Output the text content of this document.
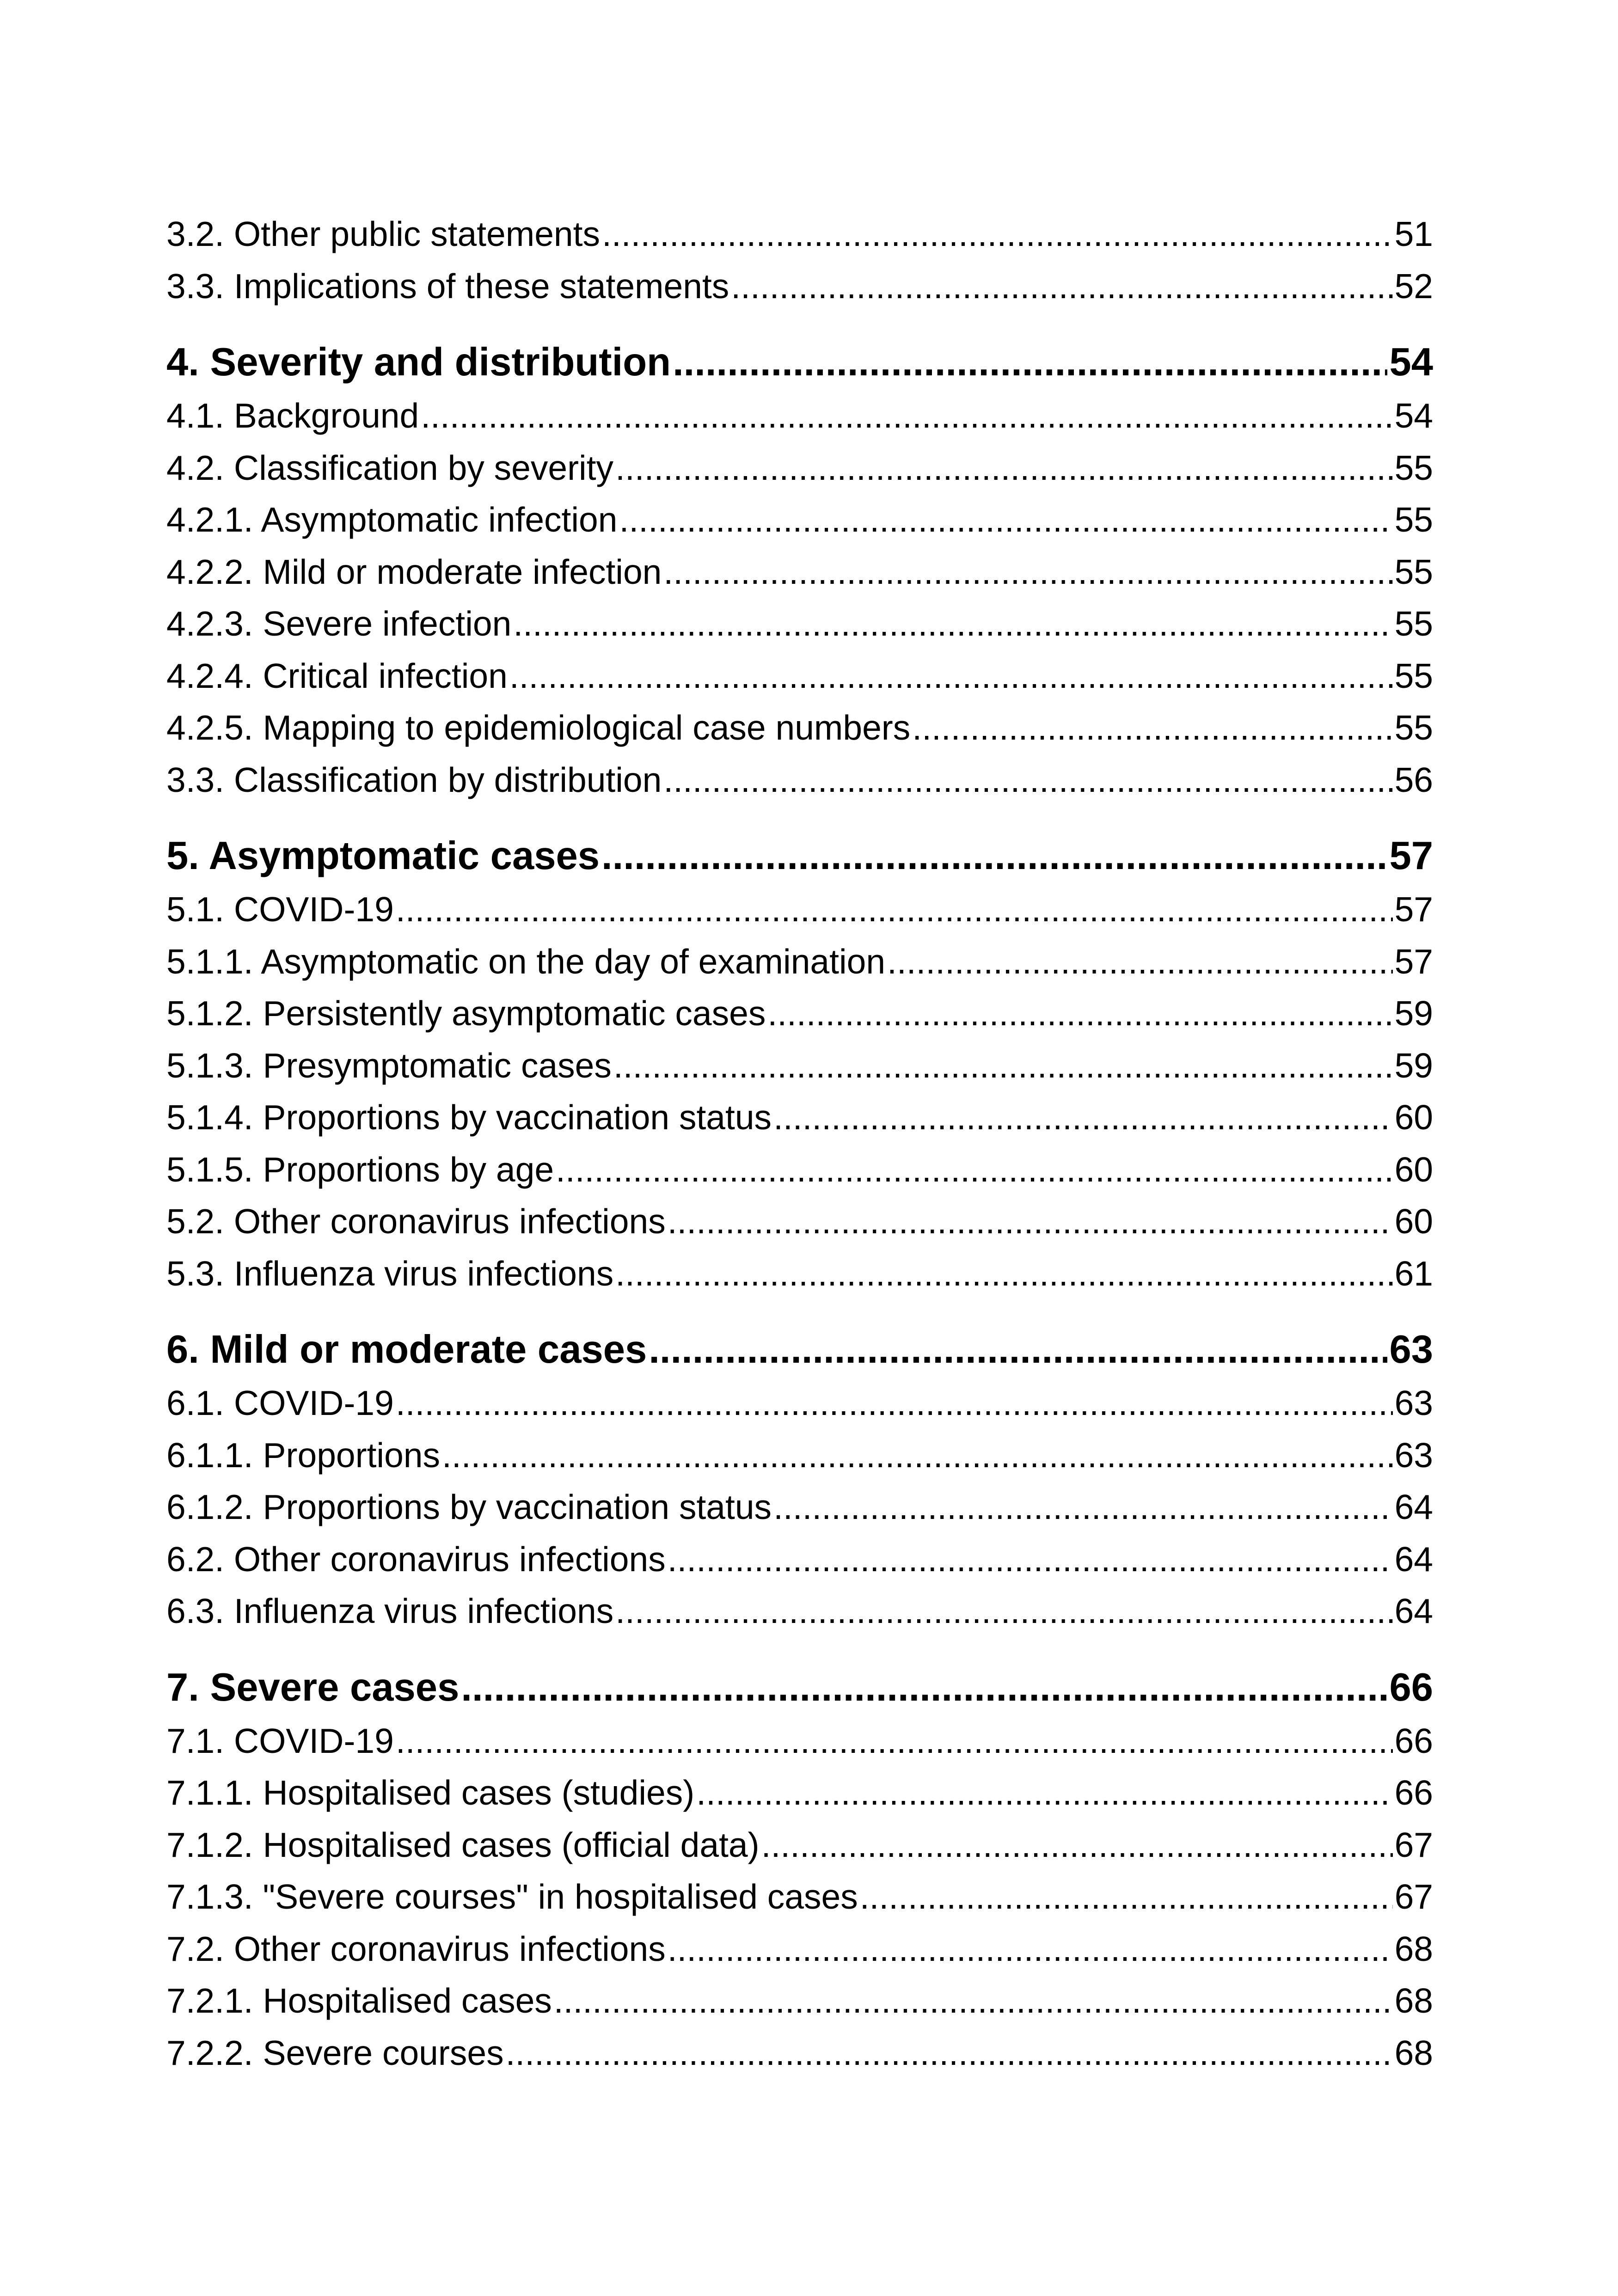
3.2. Other public statements .....	51
3.3. Implications of these statements .....	52
4. Severity and distribution .....	54
4.1. Background .....	54
4.2. Classification by severity .....	55
4.2.1. Asymptomatic infection .....	55
4.2.2. Mild or moderate infection .....	55
4.2.3. Severe infection .....	55
4.2.4. Critical infection .....	55
4.2.5. Mapping to epidemiological case numbers .....	55
3.3. Classification by distribution .....	56
5. Asymptomatic cases .....	57
5.1. COVID-19 .....	57
5.1.1. Asymptomatic on the day of examination .....	57
5.1.2. Persistently asymptomatic cases .....	59
5.1.3. Presymptomatic cases .....	59
5.1.4. Proportions by vaccination status .....	60
5.1.5. Proportions by age .....	60
5.2. Other coronavirus infections .....	60
5.3. Influenza virus infections .....	61
6. Mild or moderate cases .....	63
6.1. COVID-19 .....	63
6.1.1. Proportions .....	63
6.1.2. Proportions by vaccination status .....	64
6.2. Other coronavirus infections .....	64
6.3. Influenza virus infections .....	64
7. Severe cases .....	66
7.1. COVID-19 .....	66
7.1.1. Hospitalised cases (studies) .....	66
7.1.2. Hospitalised cases (official data) .....	67
7.1.3. "Severe courses" in hospitalised cases .....	67
7.2. Other coronavirus infections .....	68
7.2.1. Hospitalised cases .....	68
7.2.2. Severe courses .....	68
